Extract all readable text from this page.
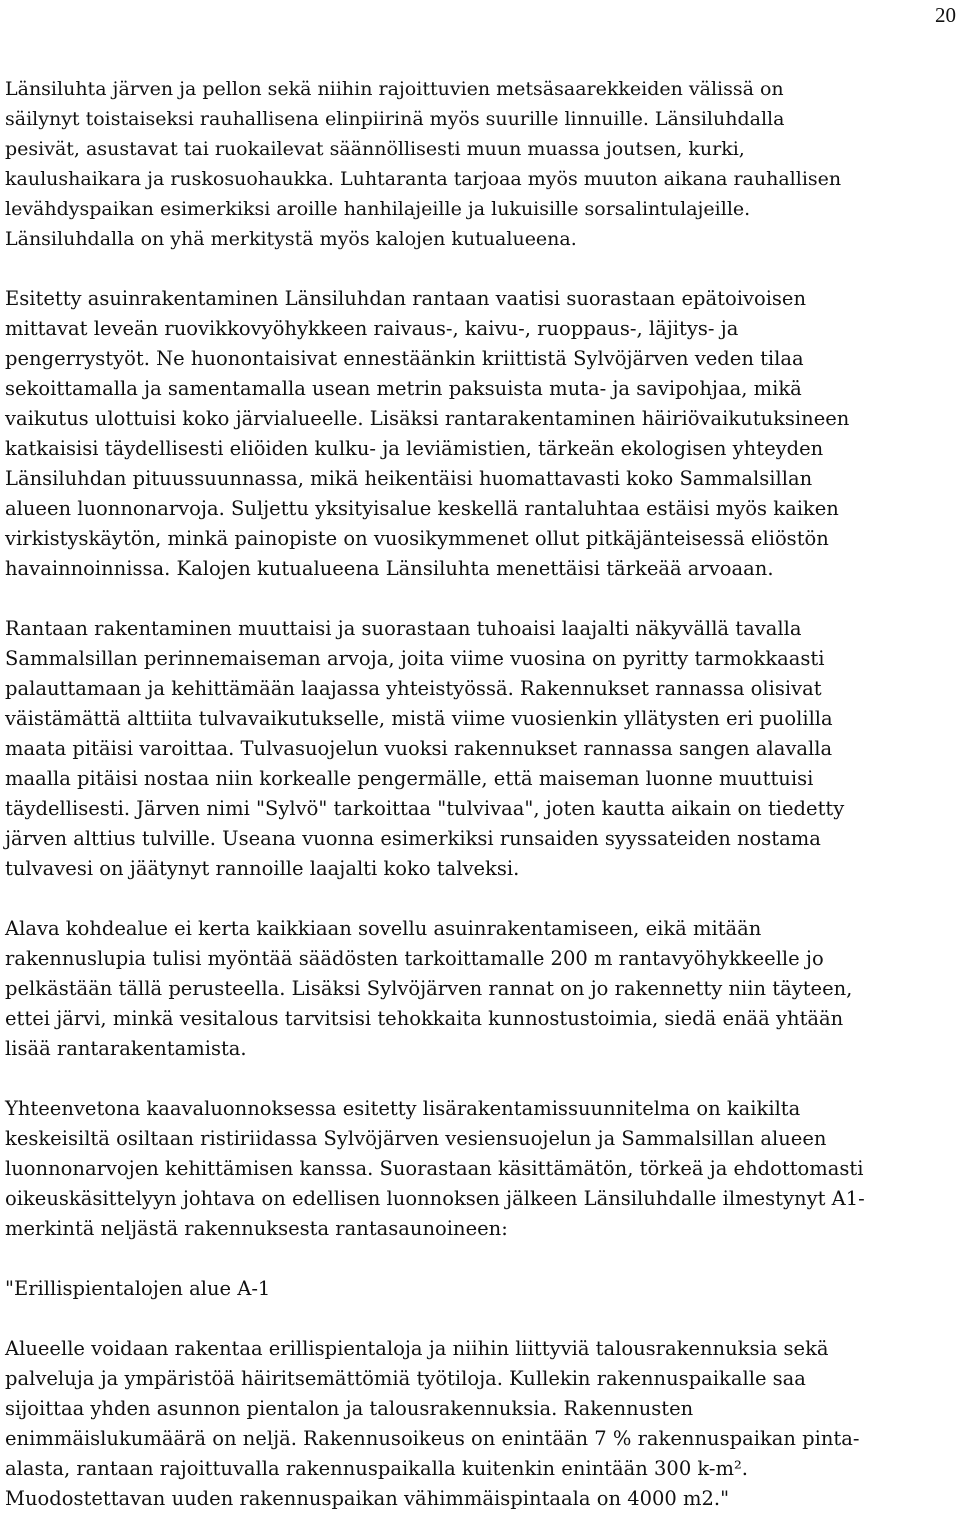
20
Länsiluhta järven ja pellon sekä niihin rajoittuvien metsäsaarekkeiden välissä on
säilynyt toistaiseksi rauhallisena elinpiirinä myös suurille linnuille. Länsiluhdalla
pesivät, asustavat tai ruokailevat säännöllisesti muun muassa joutsen, kurki,
kaulushaikara ja ruskosuohaukka. Luhtaranta tarjoaa myös muuton aikana rauhallisen
levähdyspaikan esimerkiksi aroille hanhilajeille ja lukuisille sorsalintulajeille.
Länsiluhdalla on yhä merkitystä myös kalojen kutualueena.
Esitetty asuinrakentaminen Länsiluhdan rantaan vaatisi suorastaan epätoivoisen
mittavat leveän ruovikkovyöhykkeen raivaus-, kaivu-, ruoppaus-, läjitys- ja
pengerrystyöt. Ne huonontaisivat ennestäänkin kriittistä Sylvöjärven veden tilaa
sekoittamalla ja samentamalla usean metrin paksuista muta- ja savipohjaa, mikä
vaikutus ulottuisi koko järvialueelle. Lisäksi rantarakentaminen häiriövaikutuksineen
katkaisisi täydellisesti eliöiden kulku- ja leviämistien, tärkeän ekologisen yhteyden
Länsiluhdan pituussuunnassa, mikä heikentäisi huomattavasti koko Sammalsillan
alueen luonnonarvoja. Suljettu yksityisalue keskellä rantaluhtaa estäisi myös kaiken
virkistyskäytön, minkä painopiste on vuosikymmenet ollut pitkäjänteisessä eliöstön
havainnoinnissa. Kalojen kutualueena Länsiluhta menettäisi tärkeää arvoaan.
Rantaan rakentaminen muuttaisi ja suorastaan tuhoaisi laajalti näkyvällä tavalla
Sammalsillan perinnemaiseman arvoja, joita viime vuosina on pyritty tarmokkaasti
palauttamaan ja kehittämään laajassa yhteistyössä. Rakennukset rannassa olisivat
väistämättä alttiita tulvavaikutukselle, mistä viime vuosienkin yllätysten eri puolilla
maata pitäisi varoittaa. Tulvasuojelun vuoksi rakennukset rannassa sangen alavalla
maalla pitäisi nostaa niin korkealle pengermälle, että maiseman luonne muuttuisi
täydellisesti. Järven nimi "Sylvö" tarkoittaa "tulvivaa", joten kautta aikain on tiedetty
järven alttius tulville. Useana vuonna esimerkiksi runsaiden syyssateiden nostama
tulvavesi on jäätynyt rannoille laajalti koko talveksi.
Alava kohdealue ei kerta kaikkiaan sovellu asuinrakentamiseen, eikä mitään
rakennuslupia tulisi myöntää säädösten tarkoittamalle 200 m rantavyöhykkeelle jo
pelkästään tällä perusteella. Lisäksi Sylvöjärven rannat on jo rakennetty niin täyteen,
ettei järvi, minkä vesitalous tarvitsisi tehokkaita kunnostustoimia, siedä enää yhtään
lisää rantarakentamista.
Yhteenvetona kaavaluonnoksessa esitetty lisärakentamissuunnitelma on kaikilta
keskeisiltä osiltaan ristiriidassa Sylvöjärven vesiensuojelun ja Sammalsillan alueen
luonnonarvojen kehittämisen kanssa. Suorastaan käsittämätön, törkeä ja ehdottomasti
oikeuskäsittelyyn johtava on edellisen luonnoksen jälkeen Länsiluhdalle ilmestynyt A1-
merkintä neljästä rakennuksesta rantasaunoineen:
"Erillispientalojen alue A-1
Alueelle voidaan rakentaa erillispientaloja ja niihin liittyviä talousrakennuksia sekä
palveluja ja ympäristöä häiritsemättömiä työtiloja. Kullekin rakennuspaikalle saa
sijoittaa yhden asunnon pientalon ja talousrakennuksia. Rakennusten
enimmäislukumäärä on neljä. Rakennusoikeus on enintään 7 % rakennuspaikan pinta-
alasta, rantaan rajoittuvalla rakennuspaikalla kuitenkin enintään 300 k-m².
Muodostettavan uuden rakennuspaikan vähimmäispintaala on 4000 m2."
